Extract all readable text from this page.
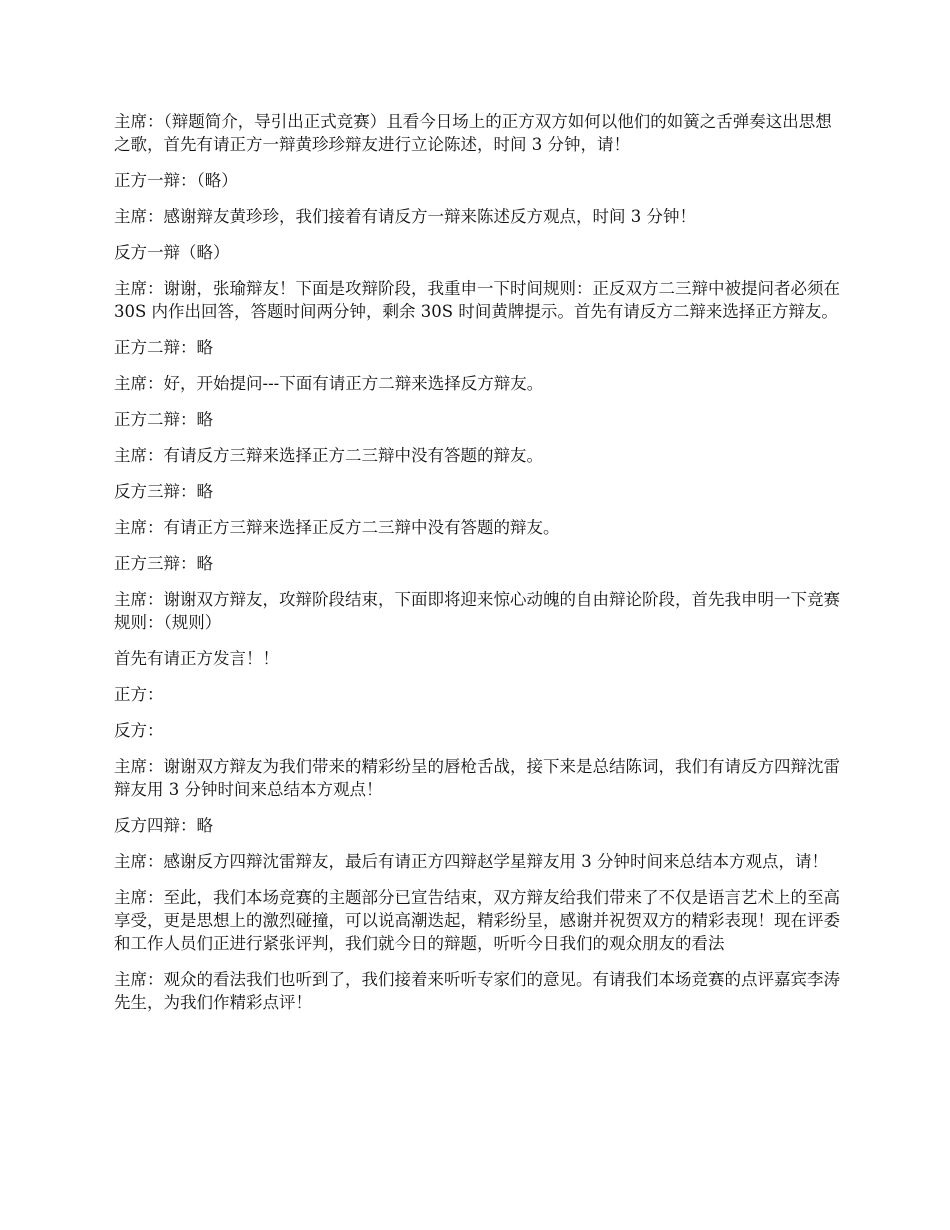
主席：（辩题简介，导引出正式竞赛）且看今日场上的正方双方如何以他们的如簧之舌弹奏这出思想之歌，首先有请正方一辩黄珍珍辩友进行立论陈述，时间 3 分钟，请！

正方一辩：（略）

主席：感谢辩友黄珍珍，我们接着有请反方一辩来陈述反方观点，时间 3 分钟！

反方一辩（略）

主席：谢谢，张瑜辩友！下面是攻辩阶段，我重申一下时间规则：正反双方二三辩中被提问者必须在 30S 内作出回答，答题时间两分钟，剩余 30S 时间黄牌提示。首先有请反方二辩来选择正方辩友。

正方二辩：略

主席：好，开始提问---下面有请正方二辩来选择反方辩友。

正方二辩：略

主席：有请反方三辩来选择正方二三辩中没有答题的辩友。

反方三辩：略

主席：有请正方三辩来选择正反方二三辩中没有答题的辩友。

正方三辩：略

主席：谢谢双方辩友，攻辩阶段结束，下面即将迎来惊心动魄的自由辩论阶段，首先我申明一下竞赛规则：（规则）

首先有请正方发言！！

正方：

反方：

主席：谢谢双方辩友为我们带来的精彩纷呈的唇枪舌战，接下来是总结陈词，我们有请反方四辩沈雷辩友用 3 分钟时间来总结本方观点！

反方四辩：略

主席：感谢反方四辩沈雷辩友，最后有请正方四辩赵学星辩友用 3 分钟时间来总结本方观点，请！

主席：至此，我们本场竞赛的主题部分已宣告结束，双方辩友给我们带来了不仅是语言艺术上的至高享受，更是思想上的激烈碰撞，可以说高潮迭起，精彩纷呈，感谢并祝贺双方的精彩表现！现在评委和工作人员们正进行紧张评判，我们就今日的辩题，听听今日我们的观众朋友的看法

主席：观众的看法我们也听到了，我们接着来听听专家们的意见。有请我们本场竞赛的点评嘉宾李涛先生，为我们作精彩点评！
